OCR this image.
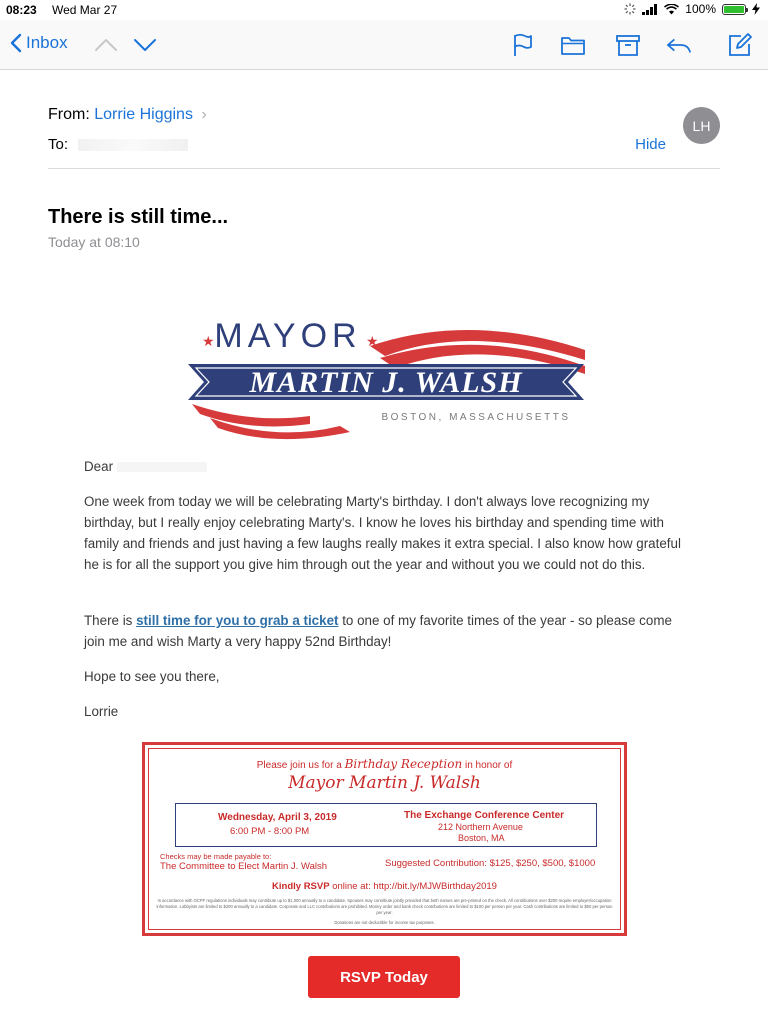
08:23 Wed Mar 27	100%
Inbox
From: Lorrie Higgins ›
To:	Hide
LH
There is still time...
Today at 08:10
★	★
MAYOR
MARTIN J. WALSH
BOSTON, MASSACHUSETTS
Dear
One week from today we will be celebrating Marty's birthday. I don't always love recognizing my birthday, but I really enjoy celebrating Marty's. I know he loves his birthday and spending time with family and friends and just having a few laughs really makes it extra special. I also know how grateful he is for all the support you give him through out the year and without you we could not do this.
There is still time for you to grab a ticket to one of my favorite times of the year - so please come join me and wish Marty a very happy 52nd Birthday!
Hope to see you there,
Lorrie
Please join us for a Birthday Reception in honor of
Mayor Martin J. Walsh
Wednesday, April 3, 2019
6:00 PM - 8:00 PM
The Exchange Conference Center
212 Northern Avenue
Boston, MA
Checks may be made payable to:
The Committee to Elect Martin J. Walsh	Suggested Contribution: $125, $250, $500, $1000
Kindly RSVP online at: http://bit.ly/MJWBirthday2019
In accordance with OCPF regulations individuals may contribute up to $1,000 annually to a candidate. Spouses may contribute jointly provided that both names are pre-printed on the check. All contributions over $200 require employer/occupation information. Lobbyists are limited to $200 annually to a candidate. Corporate and LLC contributions are prohibited. Money order and bank check contributions are limited to $100 per person per year. Cash contributions are limited to $50 per person per year.
Donations are not deductible for income tax purposes.
RSVP Today
